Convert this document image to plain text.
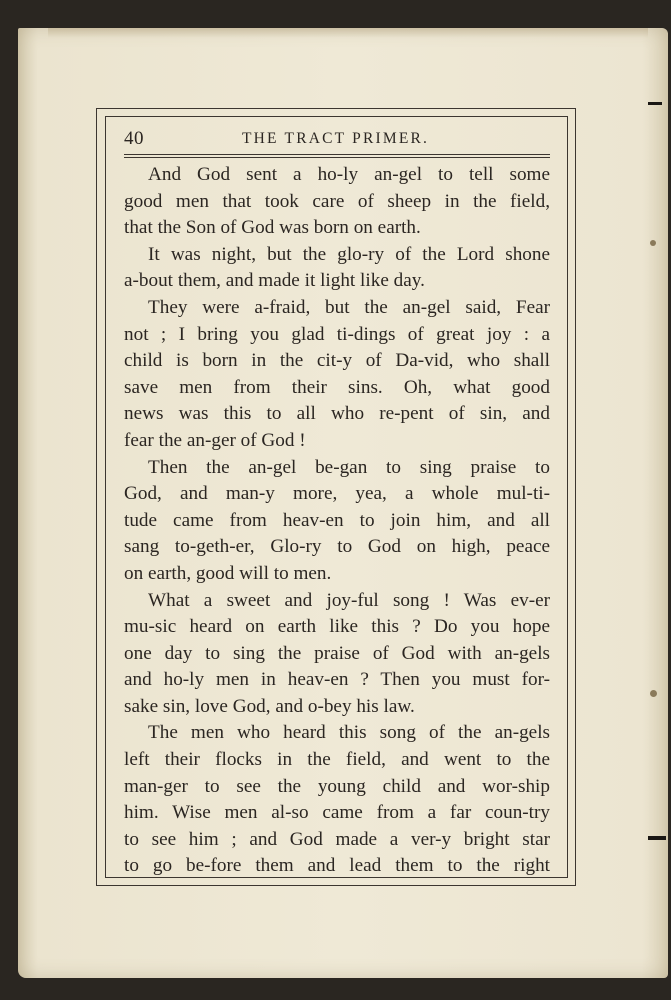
40	THE TRACT PRIMER.
And God sent a ho-ly an-gel to tell some
good men that took care of sheep in the field,
that the Son of God was born on earth.
It was night, but the glo-ry of the Lord shone
a-bout them, and made it light like day.
They were a-fraid, but the an-gel said, Fear
not ; I bring you glad ti-dings of great joy : a
child is born in the cit-y of Da-vid, who shall
save men from their sins. Oh, what good
news was this to all who re-pent of sin, and
fear the an-ger of God !
Then the an-gel be-gan to sing praise to
God, and man-y more, yea, a whole mul-ti-
tude came from heav-en to join him, and all
sang to-geth-er, Glo-ry to God on high, peace
on earth, good will to men.
What a sweet and joy-ful song ! Was ev-er
mu-sic heard on earth like this ? Do you hope
one day to sing the praise of God with an-gels
and ho-ly men in heav-en ? Then you must for-
sake sin, love God, and o-bey his law.
The men who heard this song of the an-gels
left their flocks in the field, and went to the
man-ger to see the young child and wor-ship
him. Wise men al-so came from a far coun-try
to see him ; and God made a ver-y bright star
to go be-fore them and lead them to the right
